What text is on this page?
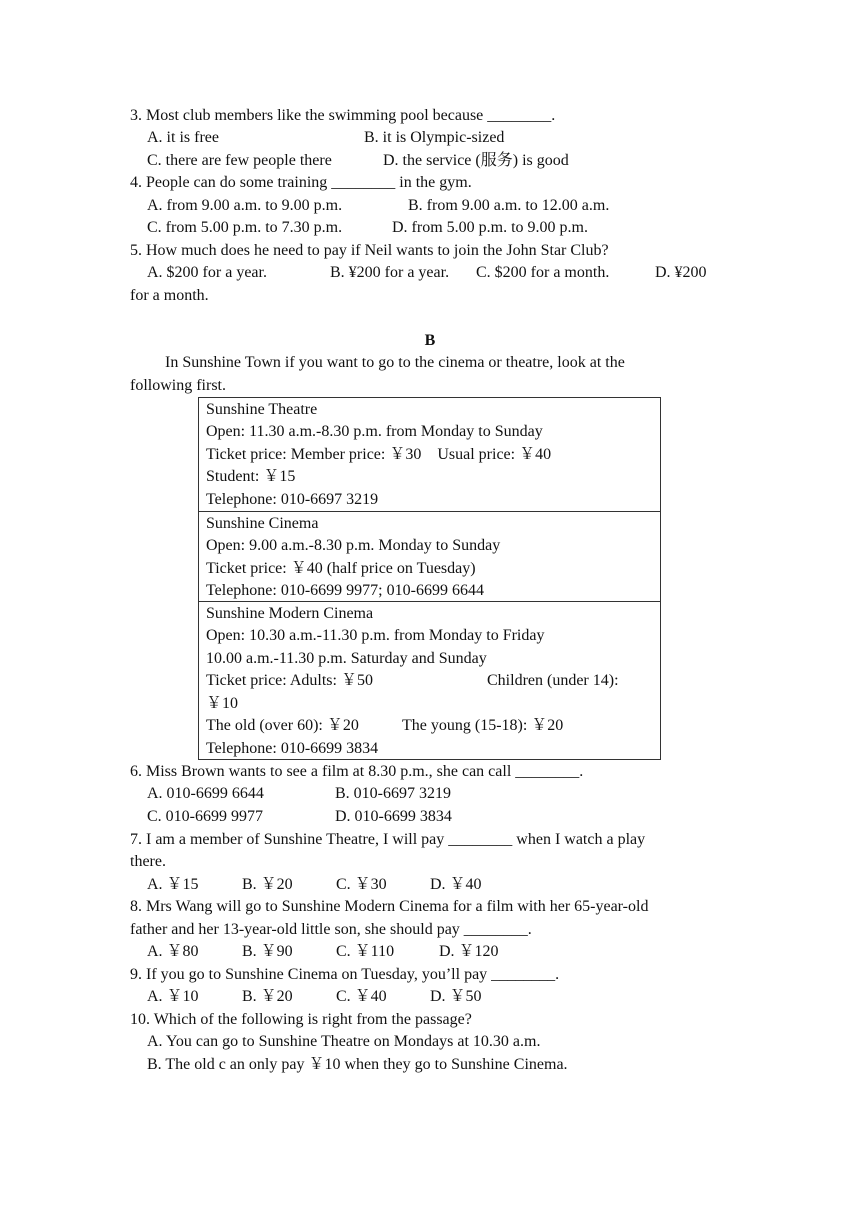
3. Most club members like the swimming pool because ________.
A. it is free	B. it is Olympic-sized
C. there are few people there	D. the service (服务) is good
4. People can do some training ________ in the gym.
A. from 9.00 a.m. to 9.00 p.m.	B. from 9.00 a.m. to 12.00 a.m.
C. from 5.00 p.m. to 7.30 p.m.	D. from 5.00 p.m. to 9.00 p.m.
5. How much does he need to pay if Neil wants to join the John Star Club?
A. $200 for a year.	B. ¥200 for a year. C. $200 for a month.	D. ¥200
for a month.
B
In Sunshine Town if you want to go to the cinema or theatre, look at the
following first.
Sunshine Theatre
Open: 11.30 a.m.-8.30 p.m. from Monday to Sunday
Ticket price: Member price: ￥30    Usual price: ￥40
Student: ￥15
Telephone: 010-6697 3219
Sunshine Cinema
Open: 9.00 a.m.-8.30 p.m. Monday to Sunday
Ticket price: ￥40 (half price on Tuesday)
Telephone: 010-6699 9977; 010-6699 6644
Sunshine Modern Cinema
Open: 10.30 a.m.-11.30 p.m. from Monday to Friday
10.00 a.m.-11.30 p.m. Saturday and Sunday
Ticket price: Adults: ￥50	Children (under 14):
￥10
The old (over 60): ￥20	The young (15-18): ￥20
Telephone: 010-6699 3834
6. Miss Brown wants to see a film at 8.30 p.m., she can call ________.
A. 010-6699 6644	B. 010-6697 3219
C. 010-6699 9977	D. 010-6699 3834
7. I am a member of Sunshine Theatre, I will pay ________ when I watch a play
there.
A. ￥15	B. ￥20	C. ￥30	D. ￥40
8. Mrs Wang will go to Sunshine Modern Cinema for a film with her 65-year-old
father and her 13-year-old little son, she should pay ________.
A. ￥80	B. ￥90	C. ￥110	D. ￥120
9. If you go to Sunshine Cinema on Tuesday, you’ll pay ________.
A. ￥10	B. ￥20	C. ￥40	D. ￥50
10. Which of the following is right from the passage?
A. You can go to Sunshine Theatre on Mondays at 10.30 a.m.
B. The old c an only pay ￥10 when they go to Sunshine Cinema.
